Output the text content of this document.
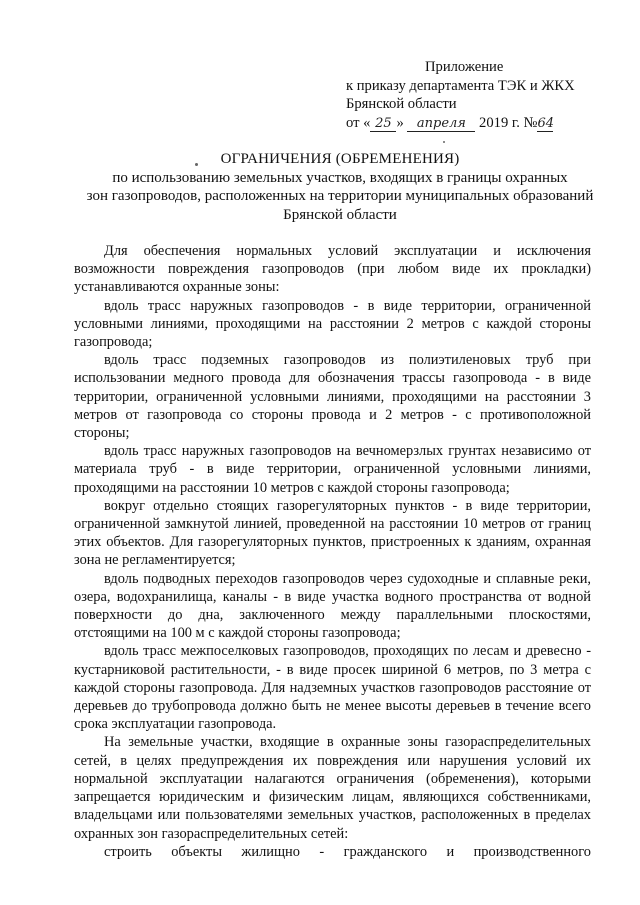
Приложение
к приказу департамента ТЭК и ЖКХ
Брянской области
от « 25 » апреля 2019 г. №64
ОГРАНИЧЕНИЯ (ОБРЕМЕНЕНИЯ)
по использованию земельных участков, входящих в границы охранных
зон газопроводов, расположенных на территории муниципальных образований
Брянской области

Для обеспечения нормальных условий эксплуатации и исключения возможности повреждения газопроводов (при любом виде их прокладки) устанавливаются охранные зоны:

вдоль трасс наружных газопроводов - в виде территории, ограниченной условными линиями, проходящими на расстоянии 2 метров с каждой стороны газопровода;

вдоль трасс подземных газопроводов из полиэтиленовых труб при использовании медного провода для обозначения трассы газопровода - в виде территории, ограниченной условными линиями, проходящими на расстоянии 3 метров от газопровода со стороны провода и 2 метров - с противоположной стороны;

вдоль трасс наружных газопроводов на вечномерзлых грунтах независимо от материала труб - в виде территории, ограниченной условными линиями, проходящими на расстоянии 10 метров с каждой стороны газопровода;

вокруг отдельно стоящих газорегуляторных пунктов - в виде территории, ограниченной замкнутой линией, проведенной на расстоянии 10 метров от границ этих объектов. Для газорегуляторных пунктов, пристроенных к зданиям, охранная зона не регламентируется;

вдоль подводных переходов газопроводов через судоходные и сплавные реки, озера, водохранилища, каналы - в виде участка водного пространства от водной поверхности до дна, заключенного между параллельными плоскостями, отстоящими на 100 м с каждой стороны газопровода;

вдоль трасс межпоселковых газопроводов, проходящих по лесам и древесно - кустарниковой растительности, - в виде просек шириной 6 метров, по 3 метра с каждой стороны газопровода. Для надземных участков газопроводов расстояние от деревьев до трубопровода должно быть не менее высоты деревьев в течение всего срока эксплуатации газопровода.

На земельные участки, входящие в охранные зоны газораспределительных сетей, в целях предупреждения их повреждения или нарушения условий их нормальной эксплуатации налагаются ограничения (обременения), которыми запрещается юридическим и физическим лицам, являющихся собственниками, владельцами или пользователями земельных участков, расположенных в пределах охранных зон газораспределительных сетей:

строить объекты жилищно - гражданского и производственного
